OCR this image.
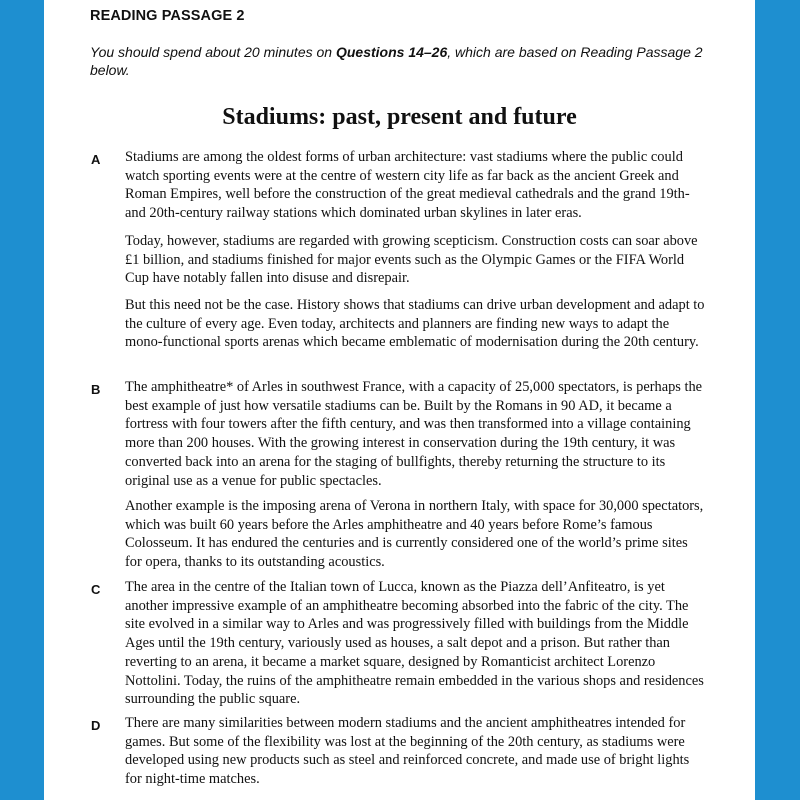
READING PASSAGE 2
You should spend about 20 minutes on Questions 14–26, which are based on Reading Passage 2 below.
Stadiums: past, present and future
A Stadiums are among the oldest forms of urban architecture: vast stadiums where the public could watch sporting events were at the centre of western city life as far back as the ancient Greek and Roman Empires, well before the construction of the great medieval cathedrals and the grand 19th- and 20th-century railway stations which dominated urban skylines in later eras.

Today, however, stadiums are regarded with growing scepticism. Construction costs can soar above £1 billion, and stadiums finished for major events such as the Olympic Games or the FIFA World Cup have notably fallen into disuse and disrepair.

But this need not be the case. History shows that stadiums can drive urban development and adapt to the culture of every age. Even today, architects and planners are finding new ways to adapt the mono-functional sports arenas which became emblematic of modernisation during the 20th century.

B The amphitheatre* of Arles in southwest France, with a capacity of 25,000 spectators, is perhaps the best example of just how versatile stadiums can be. Built by the Romans in 90 AD, it became a fortress with four towers after the fifth century, and was then transformed into a village containing more than 200 houses. With the growing interest in conservation during the 19th century, it was converted back into an arena for the staging of bullfights, thereby returning the structure to its original use as a venue for public spectacles.

Another example is the imposing arena of Verona in northern Italy, with space for 30,000 spectators, which was built 60 years before the Arles amphitheatre and 40 years before Rome’s famous Colosseum. It has endured the centuries and is currently considered one of the world’s prime sites for opera, thanks to its outstanding acoustics.

C The area in the centre of the Italian town of Lucca, known as the Piazza dell’Anfiteatro, is yet another impressive example of an amphitheatre becoming absorbed into the fabric of the city. The site evolved in a similar way to Arles and was progressively filled with buildings from the Middle Ages until the 19th century, variously used as houses, a salt depot and a prison. But rather than reverting to an arena, it became a market square, designed by Romanticist architect Lorenzo Nottolini. Today, the ruins of the amphitheatre remain embedded in the various shops and residences surrounding the public square.

D There are many similarities between modern stadiums and the ancient amphitheatres intended for games. But some of the flexibility was lost at the beginning of the 20th century, as stadiums were developed using new products such as steel and reinforced concrete, and made use of bright lights for night-time matches.
